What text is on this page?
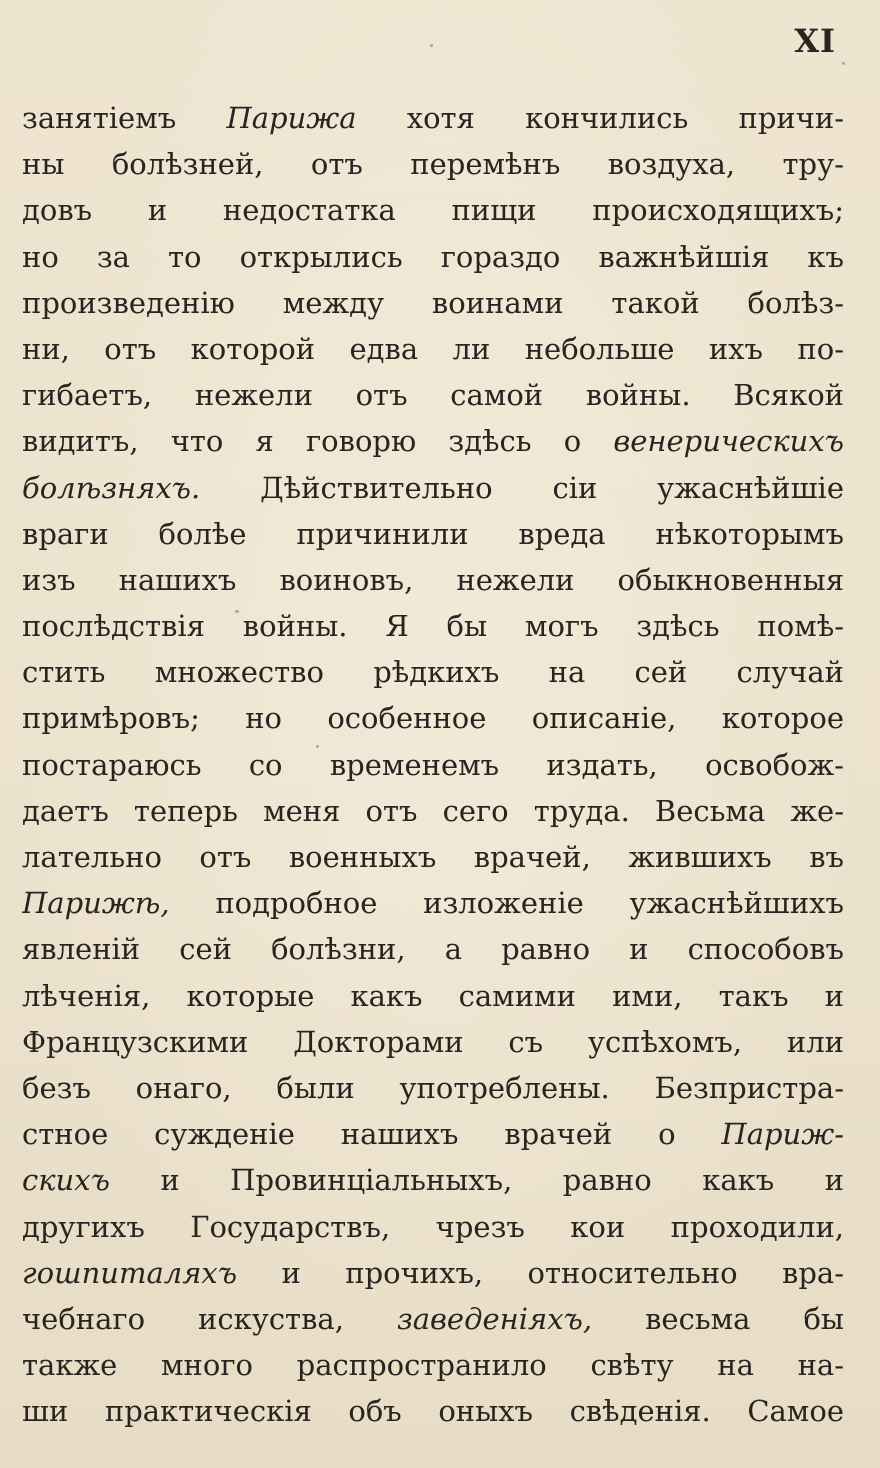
XI
занятіемъ Парижа хотя кончились причи-
ны болѣзней, отъ перемѣнъ воздуха, тру-
довъ и недостатка пищи происходящихъ;
но за то открылись гораздо важнѣйшія къ
произведенію между воинами такой болѣз-
ни, отъ которой едва ли небольше ихъ по-
гибаетъ, нежели отъ самой войны. Всякой
видитъ, что я говорю здѣсь о венерическихъ
болѣзняхъ. Дѣйствительно сіи ужаснѣйшіе
враги болѣе причинили вреда нѣкоторымъ
изъ нашихъ воиновъ, нежели обыкновенныя
послѣдствія войны. Я бы могъ здѣсь помѣ-
стить множество рѣдкихъ на сей случай
примѣровъ; но особенное описаніе, которое
постараюсь со временемъ издать, освобож-
даетъ теперь меня отъ сего труда. Весьма же-
лательно отъ военныхъ врачей, жившихъ въ
Парижѣ, подробное изложеніе ужаснѣйшихъ
явленій сей болѣзни, а равно и способовъ
лѣченія, которые какъ самими ими, такъ и
Французскими Докторами съ успѣхомъ, или
безъ онаго, были употреблены. Безпристра-
стное сужденіе нашихъ врачей о Париж-
скихъ и Провинціальныхъ, равно какъ и
другихъ Государствъ, чрезъ кои проходили,
гошпиталяхъ и прочихъ, относительно вра-
чебнаго искуства, заведеніяхъ, весьма бы
также много распространило свѣту на на-
ши практическія объ оныхъ свѣденія. Самое
